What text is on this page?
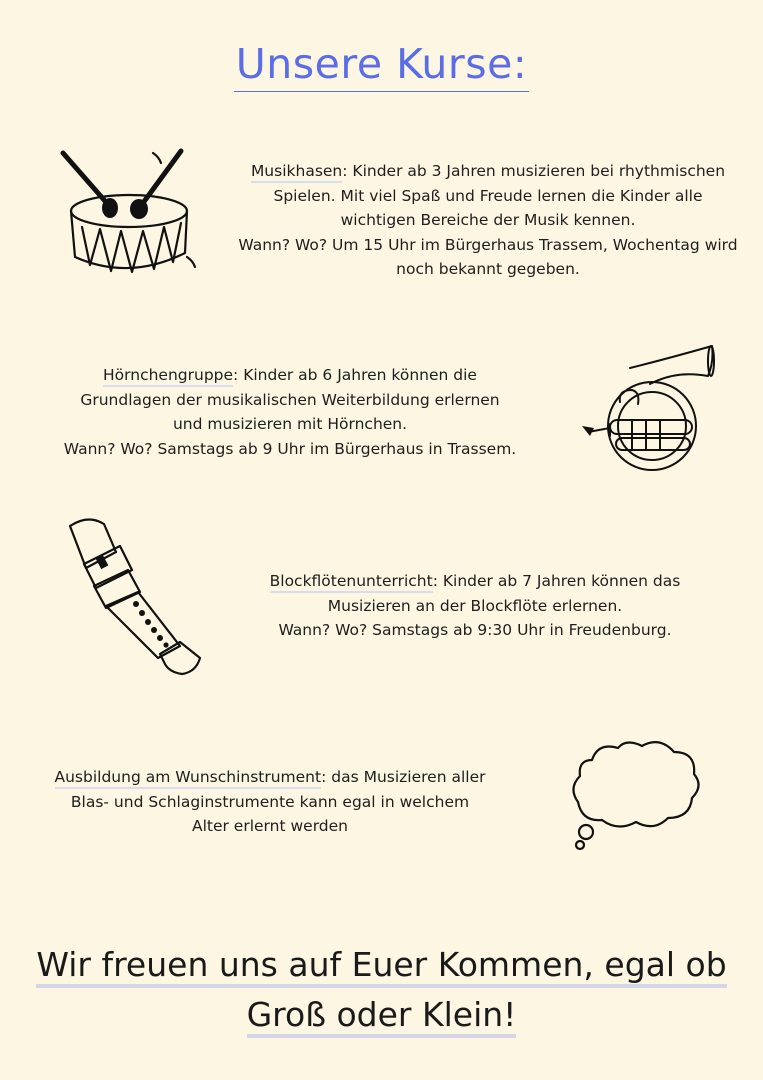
Unsere Kurse:
Musikhasen: Kinder ab 3 Jahren musizieren bei rhythmischen
Spielen. Mit viel Spaß und Freude lernen die Kinder alle
wichtigen Bereiche der Musik kennen.
Wann? Wo? Um 15 Uhr im Bürgerhaus Trassem, Wochentag wird
noch bekannt gegeben.
Hörnchengruppe: Kinder ab 6 Jahren können die
Grundlagen der musikalischen Weiterbildung erlernen
und musizieren mit Hörnchen.
Wann? Wo? Samstags ab 9 Uhr im Bürgerhaus in Trassem.
Blockflötenunterricht: Kinder ab 7 Jahren können das
Musizieren an der Blockflöte erlernen.
Wann? Wo? Samstags ab 9:30 Uhr in Freudenburg.
Ausbildung am Wunschinstrument: das Musizieren aller
Blas- und Schlaginstrumente kann egal in welchem
Alter erlernt werden
Wir freuen uns auf Euer Kommen, egal ob
Groß oder Klein!
